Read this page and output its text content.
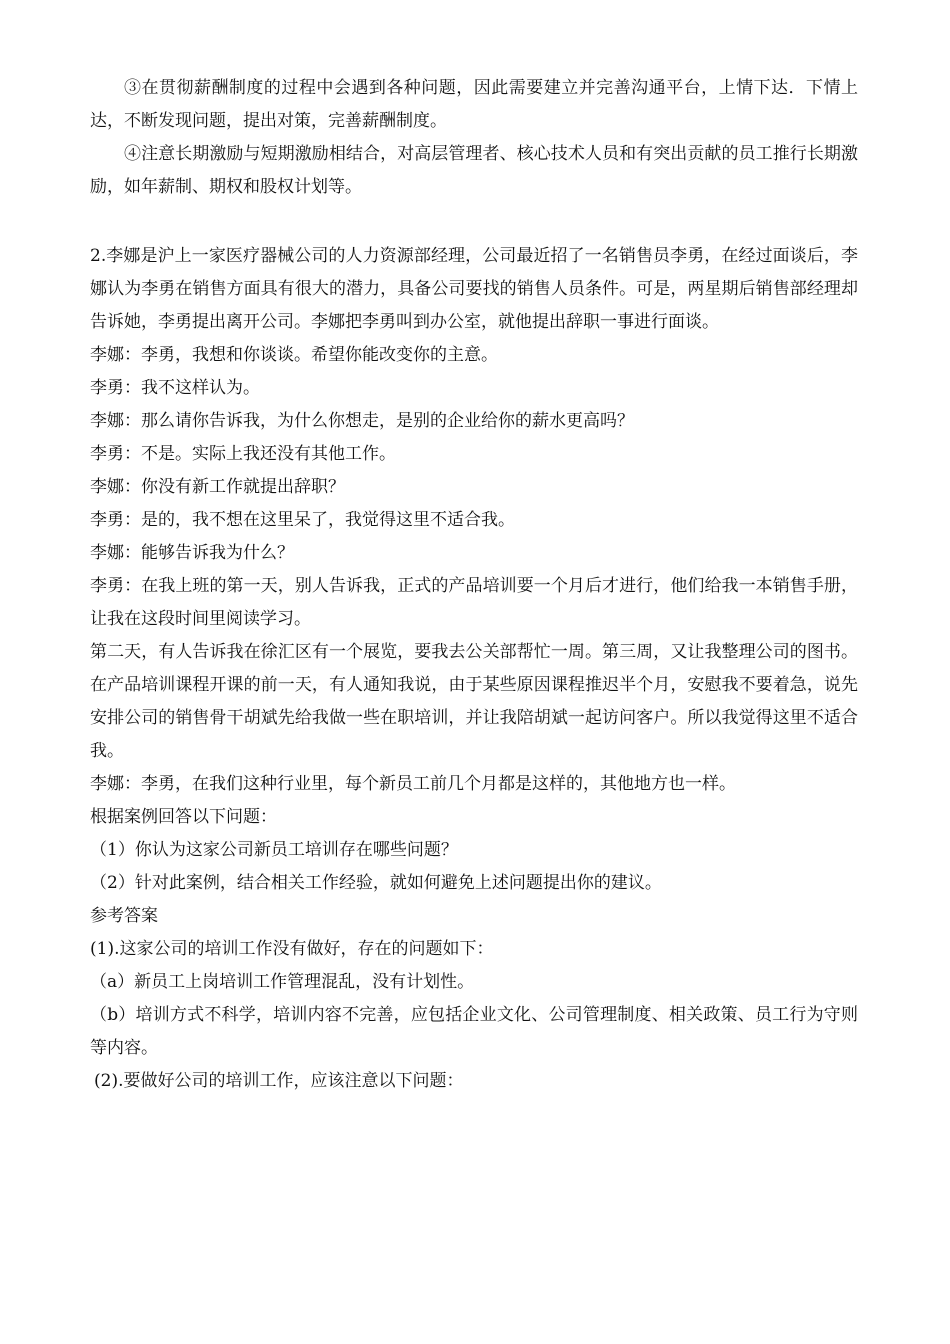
③在贯彻薪酬制度的过程中会遇到各种问题，因此需要建立并完善沟通平台，上情下达．下情上达，不断发现问题，提出对策，完善薪酬制度。

④注意长期激励与短期激励相结合，对高层管理者、核心技术人员和有突出贡献的员工推行长期激励，如年薪制、期权和股权计划等。

2.李娜是沪上一家医疗器械公司的人力资源部经理，公司最近招了一名销售员李勇，在经过面谈后，李娜认为李勇在销售方面具有很大的潜力，具备公司要找的销售人员条件。可是，两星期后销售部经理却告诉她，李勇提出离开公司。李娜把李勇叫到办公室，就他提出辞职一事进行面谈。

李娜：李勇，我想和你谈谈。希望你能改变你的主意。

李勇：我不这样认为。

李娜：那么请你告诉我，为什么你想走，是别的企业给你的薪水更高吗？

李勇：不是。实际上我还没有其他工作。

李娜：你没有新工作就提出辞职？

李勇：是的，我不想在这里呆了，我觉得这里不适合我。

李娜：能够告诉我为什么？

李勇：在我上班的第一天，别人告诉我，正式的产品培训要一个月后才进行，他们给我一本销售手册，让我在这段时间里阅读学习。

第二天，有人告诉我在徐汇区有一个展览，要我去公关部帮忙一周。第三周，又让我整理公司的图书。在产品培训课程开课的前一天，有人通知我说，由于某些原因课程推迟半个月，安慰我不要着急，说先安排公司的销售骨干胡斌先给我做一些在职培训，并让我陪胡斌一起访问客户。所以我觉得这里不适合我。

李娜：李勇，在我们这种行业里，每个新员工前几个月都是这样的，其他地方也一样。

根据案例回答以下问题：

（1）你认为这家公司新员工培训存在哪些问题？

（2）针对此案例，结合相关工作经验，就如何避免上述问题提出你的建议。

参考答案

(1).这家公司的培训工作没有做好，存在的问题如下：

（a）新员工上岗培训工作管理混乱，没有计划性。

（b）培训方式不科学，培训内容不完善，应包括企业文化、公司管理制度、相关政策、员工行为守则等内容。

(2).要做好公司的培训工作，应该注意以下问题：
